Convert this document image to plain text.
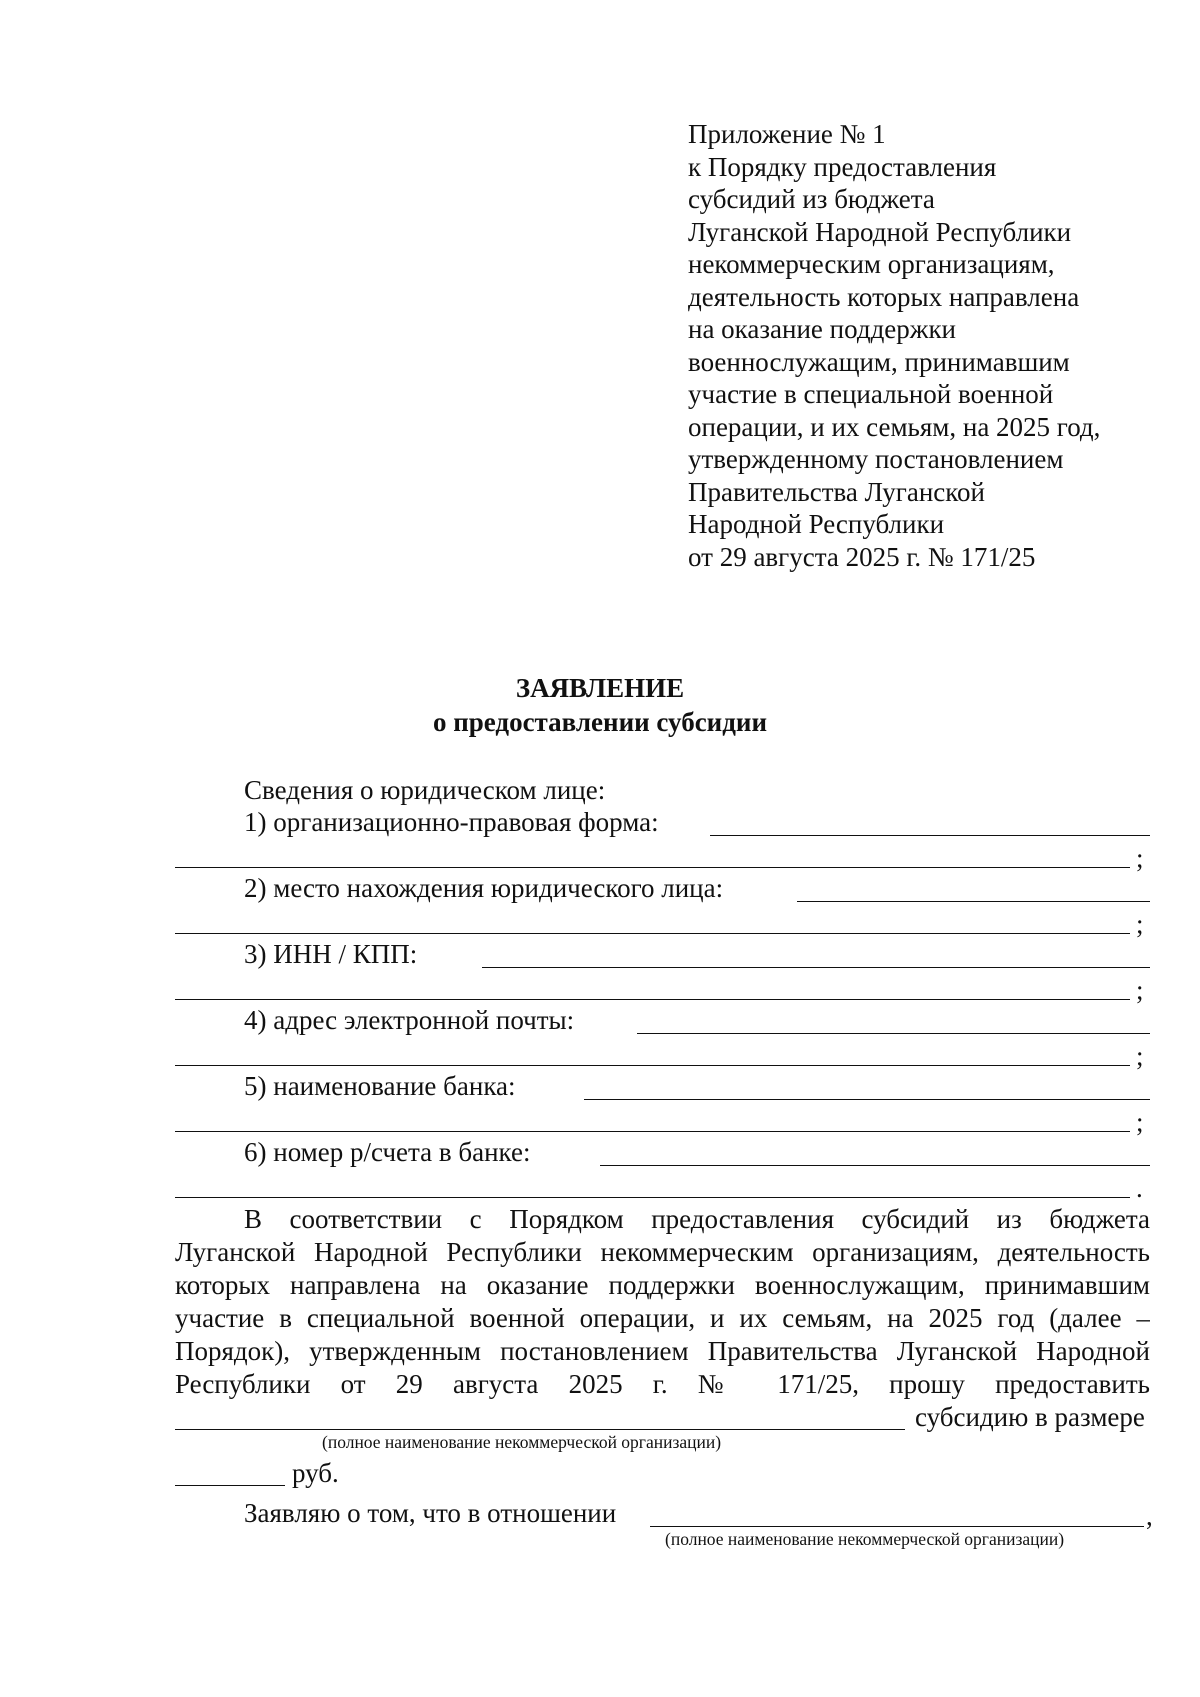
Приложение № 1
к Порядку предоставления
субсидий из бюджета
Луганской Народной Республики
некоммерческим организациям,
деятельность которых направлена
на оказание поддержки
военнослужащим, принимавшим
участие в специальной военной
операции, и их семьям, на 2025 год,
утвержденному постановлением
Правительства Луганской
Народной Республики
от 29 августа 2025 г. № 171/25
ЗАЯВЛЕНИЕ
о предоставлении субсидии
Сведения о юридическом лице:
1) организационно-правовая форма:
;
2) место нахождения юридического лица:
;
3) ИНН / КПП:
;
4) адрес электронной почты:
;
5) наименование банка:
;
6) номер р/счета в банке:
.
В соответствии с Порядком предоставления субсидий из бюджета
Луганской Народной Республики некоммерческим организациям, деятельность
которых направлена на оказание поддержки военнослужащим, принимавшим
участие в специальной военной операции, и их семьям, на 2025 год (далее –
Порядок), утвержденным постановлением Правительства Луганской Народной
Республики от 29 августа 2025 г. № 171/25, прошу предоставить
субсидию в размере
(полное наименование некоммерческой организации)
руб.
Заявляю о том, что в отношении	,
(полное наименование некоммерческой организации)
